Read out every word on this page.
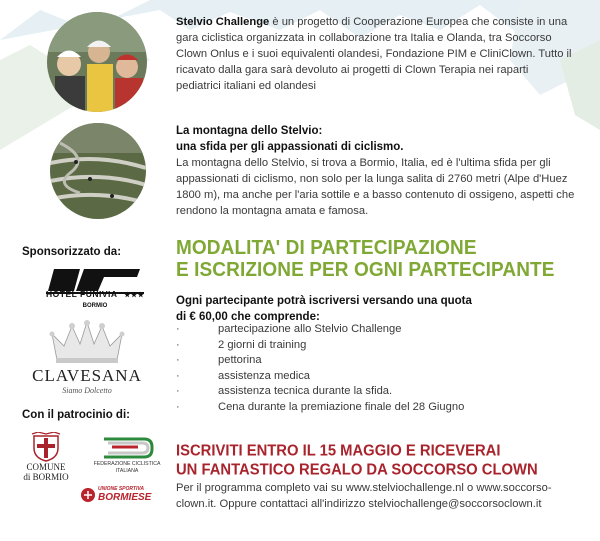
Stelvio Challenge è un progetto di Cooperazione Europea che consiste in una gara ciclistica organizzata in collaborazione tra Italia e Olanda, tra Soccorso Clown Onlus e i suoi equivalenti olandesi, Fondazione PIM e CliniClown. Tutto il ricavato dalla gara sarà devoluto ai progetti di Clown Terapia nei raparti pediatrici italiani ed olandesi

La montagna dello Stelvio:
una sfida per gli appassionati di ciclismo.

La montagna dello Stelvio, si trova a Bormio, Italia, ed è l'ultima sfida per gli appassionati di ciclismo, non solo per la lunga salita di 2760 metri (Alpe d'Huez 1800 m), ma anche per l'aria sottile e a basso contenuto di ossigeno, aspetti che rendono la montagna amata e famosa.

Sponsorizzato da:
HOTEL FUNIVIA ★★★
BORMIO
CLAVESANA
Siamo Dolcetto
Con il patrocinio di:
COMUNE
di BORMIO
FEDERAZIONE CICLISTICA
ITALIANA
UNIONE SPORTIVA
BORMIESE
MODALITA' DI PARTECIPAZIONE
E ISCRIZIONE PER OGNI PARTECIPANTE
Ogni partecipante potrà iscriversi versando una quota
di € 60,00 che comprende:
·	partecipazione allo Stelvio Challenge
·	2 giorni di training
·	pettorina
·	assistenza medica
·	assistenza tecnica durante la sfida.
·	Cena durante la premiazione finale del 28 Giugno
ISCRIVITI ENTRO IL 15 MAGGIO E RICEVERAI
UN FANTASTICO REGALO DA SOCCORSO CLOWN

Per il programma completo vai su www.stelviochallenge.nl o www.soccorso-clown.it. Oppure contattaci all'indirizzo stelviochallenge@soccorsoclown.it
